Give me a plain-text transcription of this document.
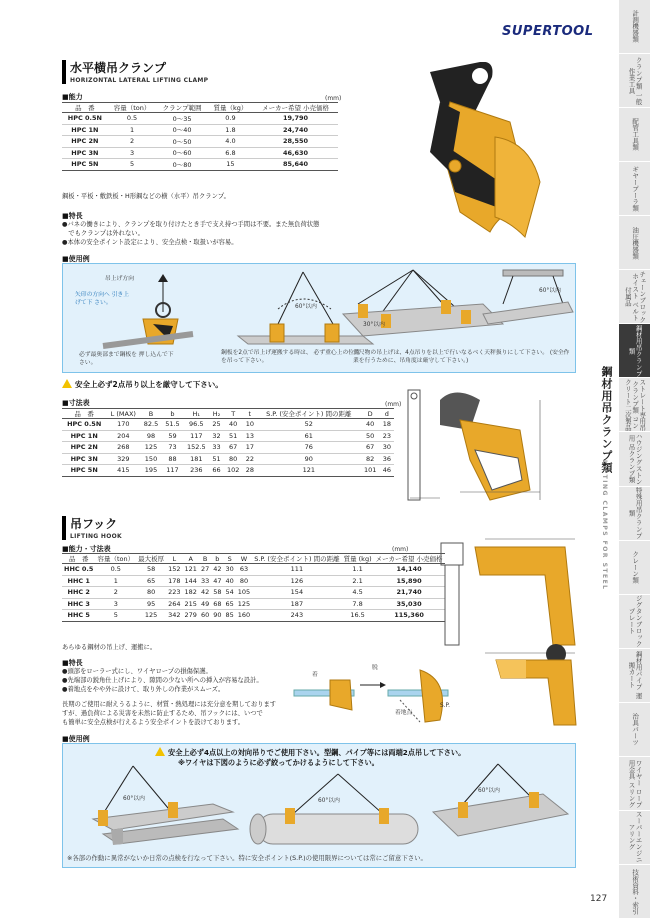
SUPERTOOL	計測機器類
クランプ類 一般作業工具
配管工具類
ギヤープーラ類
油圧機器類
チェーンブロック ホイスト ベルト付属品
鋼材用吊クランプ類
ストレート専用吊 クランプ類 コンクリート二次製品
ハウジングストン用 吊クランプ類
特殊用吊クランプ類
クレーン類
ジグタンブロック プレート
鋼材用パイプ 運搬カート
治具パーツ
ワイヤー ロープ用金具 スリング
スーパーエンジニアリング
技術資料・索引
鋼材用吊クランプ類
LIFTING CLAMPS FOR STEEL
水平横吊クランプ
HORIZONTAL LATERAL LIFTING CLAMP
■能力	(mm)
品　番	容量（ton）	クランプ範囲	質量（kg）	メーカー希望 小売価格
HPC 0.5N	0.5	0～35	0.9	19,790
HPC 1N	1	0～40	1.8	24,740
HPC 2N	2	0～50	4.0	28,550
HPC 3N	3	0～60	6.8	46,630
HPC 5N	5	0～80	15	85,640
鋼板・平板・敷鉄板・H形鋼などの横（水平）吊クランプ。
■特長
●バネの働きにより、クランプを取り付けたとき手で支え持つ手間は不要。また無負荷状態
　でもクランプは外れない。
●本体の安全ポイント設定により、安全点検・取扱いが容易。
■使用例
吊上げ方向
矢印の方向へ 引き上げて下 さい。
必ず最奥部まで鋼板を 押し込んで下さい。
鋼板を2点で吊上げ運搬する時は、 必ず重心上の位置を吊って下さい。
長尺物の吊上げは、4点吊りを以上で行いなるべく天秤扱りにして下さい。 (安全作業を行うために、吊角度は厳守して下さい。)
60°以内
30°以内
60°以内
安全上必ず2点吊り以上を厳守して下さい。
■寸法表	(mm)
品　番	L (MAX)	B	b	H₁	H₂	T	t	S.P. (安全ポイント) 間の距離	D	d
HPC 0.5N	170	82.5	51.5	96.5	25	40	10	52	40	18
HPC 1N	204	98	59	117	32	51	13	61	50	23
HPC 2N	268	125	73	152.5	33	67	17	76	67	30
HPC 3N	329	150	88	181	51	80	22	90	82	36
HPC 5N	415	195	117	236	66	102	28	121	101	46
吊フック
LIFTING HOOK
■能力・寸法表	(mm)
品　番	容量（ton）	最大板厚	L	A	B	b	S	W	S.P. (安全ポイント) 間の距離	質量 (kg)	メーカー希望 小売価格
HHC 0.5	0.5	58	152	121	27	42	30	63	111	1.1	14,140
HHC 1	1	65	178	144	33	47	40	80	126	2.1	15,890
HHC 2	2	80	223	182	42	58	54	105	154	4.5	21,740
HHC 3	3	95	264	215	49	68	65	125	187	7.8	35,030
HHC 5	5	125	342	279	60	90	85	160	243	16.5	115,360
あらゆる鋼材の吊上げ、運搬に。
■特長
●頭部をローラー式にし、ワイヤロープの損傷保護。
●先端部の鋭角仕上げにより、隙間の少ない所への挿入が容易な設計。
●着地点をやや外に設けて、取り外しの作業がスムーズ。
長期のご使用に耐えうるように、材質・熱処理には充分意を期しております
すが、過負荷による災害を未然に防止するため、吊フックには、いつで
も簡単に安全点検が行えるよう安全ポイントを設けております。
着
脱
S.P.
着地点
■使用例
安全上必ず4点以上の対向吊りでご使用下さい。型鋼、パイプ等には両端2点吊して下さい。
※ワイヤは下図のように必ず絞ってかけるようにして下さい。
60°以内	60°以内
60°以内
※各部の作動に異常がないか日常の点検を行なって下さい。特に安全ポイント(S.P.)の使用限界については常にご留意下さい。
127
